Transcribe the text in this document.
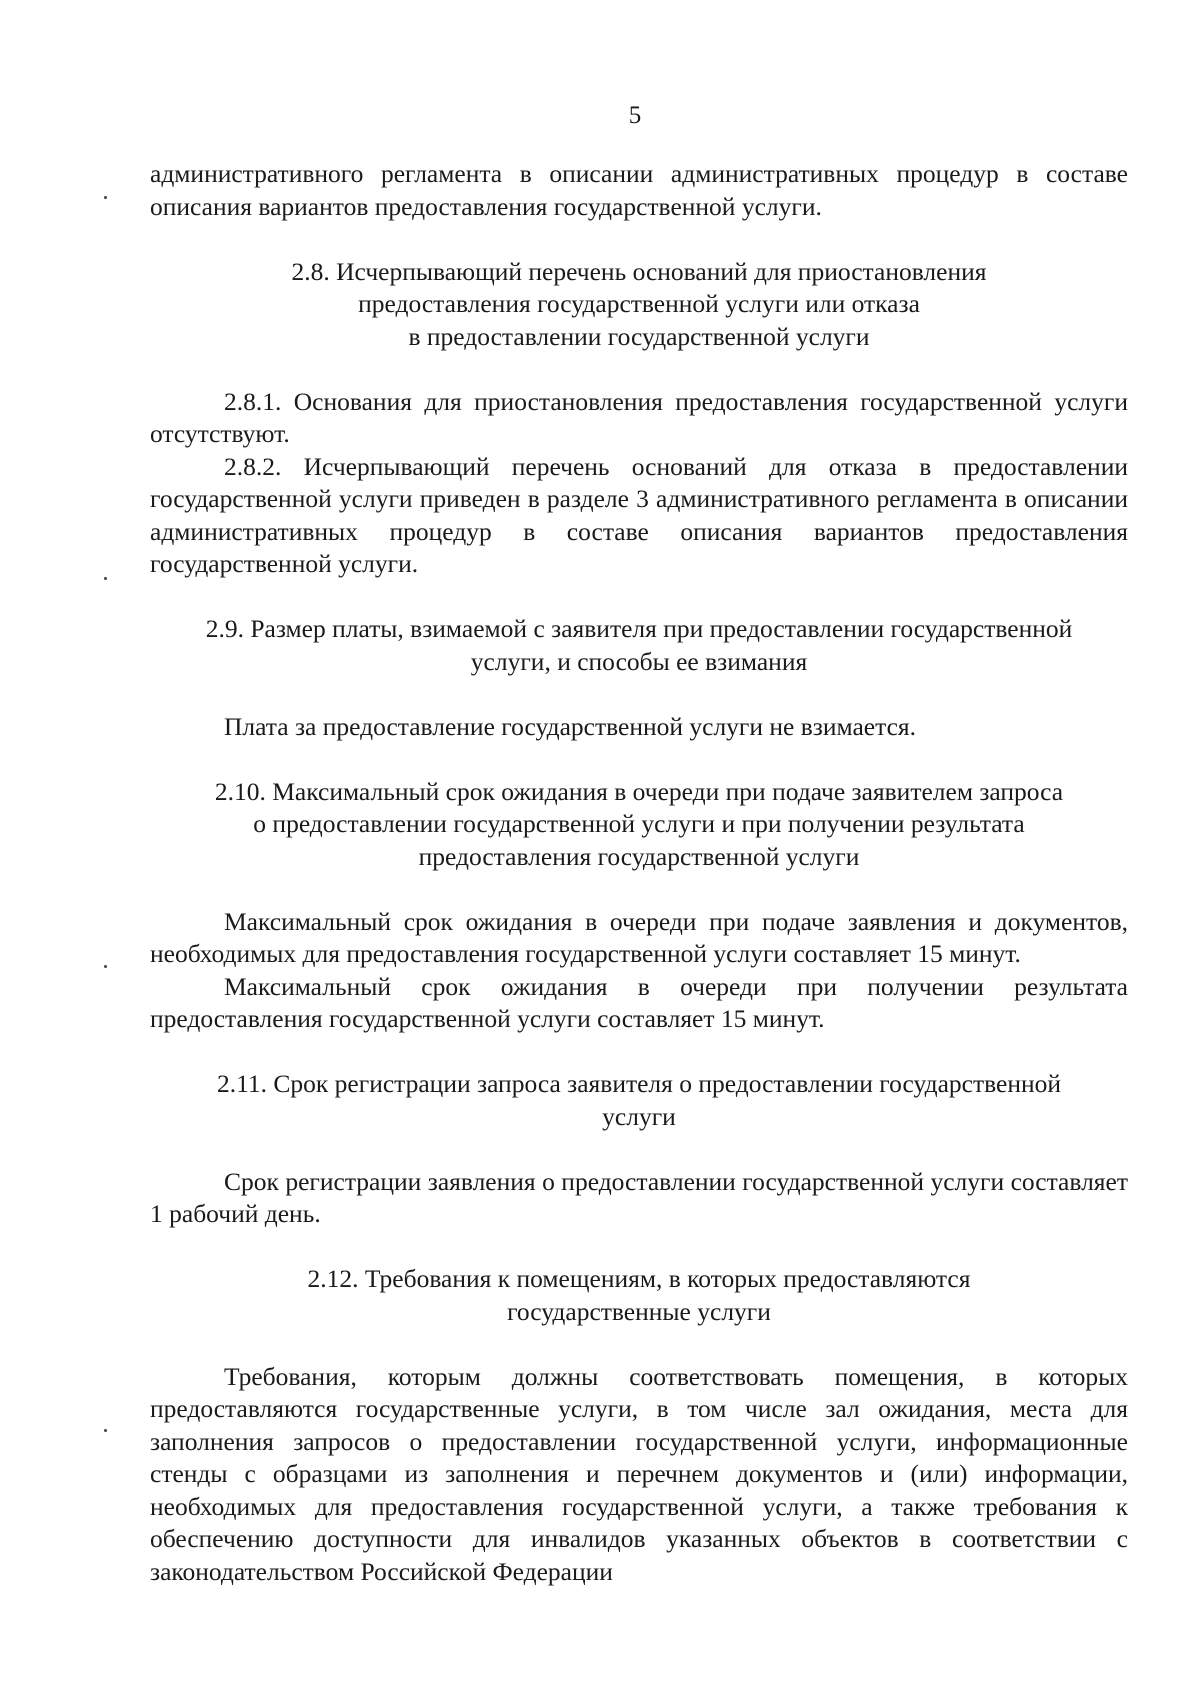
5

административного регламента в описании административных процедур в составе описания вариантов предоставления государственной услуги.

2.8. Исчерпывающий перечень оснований для приостановления
предоставления государственной услуги или отказа
в предоставлении государственной услуги

2.8.1. Основания для приостановления предоставления государственной услуги отсутствуют.

2.8.2. Исчерпывающий перечень оснований для отказа в предоставлении государственной услуги приведен в разделе 3 административного регламента в описании административных процедур в составе описания вариантов предоставления государственной услуги.

2.9. Размер платы, взимаемой с заявителя при предоставлении государственной
услуги, и способы ее взимания

Плата за предоставление государственной услуги не взимается.

2.10. Максимальный срок ожидания в очереди при подаче заявителем запроса
о предоставлении государственной услуги и при получении результата
предоставления государственной услуги

Максимальный срок ожидания в очереди при подаче заявления и документов, необходимых для предоставления государственной услуги составляет 15 минут.

Максимальный срок ожидания в очереди при получении результата предоставления государственной услуги составляет 15 минут.

2.11. Срок регистрации запроса заявителя о предоставлении государственной
услуги

Срок регистрации заявления о предоставлении государственной услуги составляет 1 рабочий день.

2.12. Требования к помещениям, в которых предоставляются
государственные услуги

Требования, которым должны соответствовать помещения, в которых предоставляются государственные услуги, в том числе зал ожидания, места для заполнения запросов о предоставлении государственной услуги, информационные стенды с образцами из заполнения и перечнем документов и (или) информации, необходимых для предоставления государственной услуги, а также требования к обеспечению доступности для инвалидов указанных объектов в соответствии с законодательством Российской Федерации
